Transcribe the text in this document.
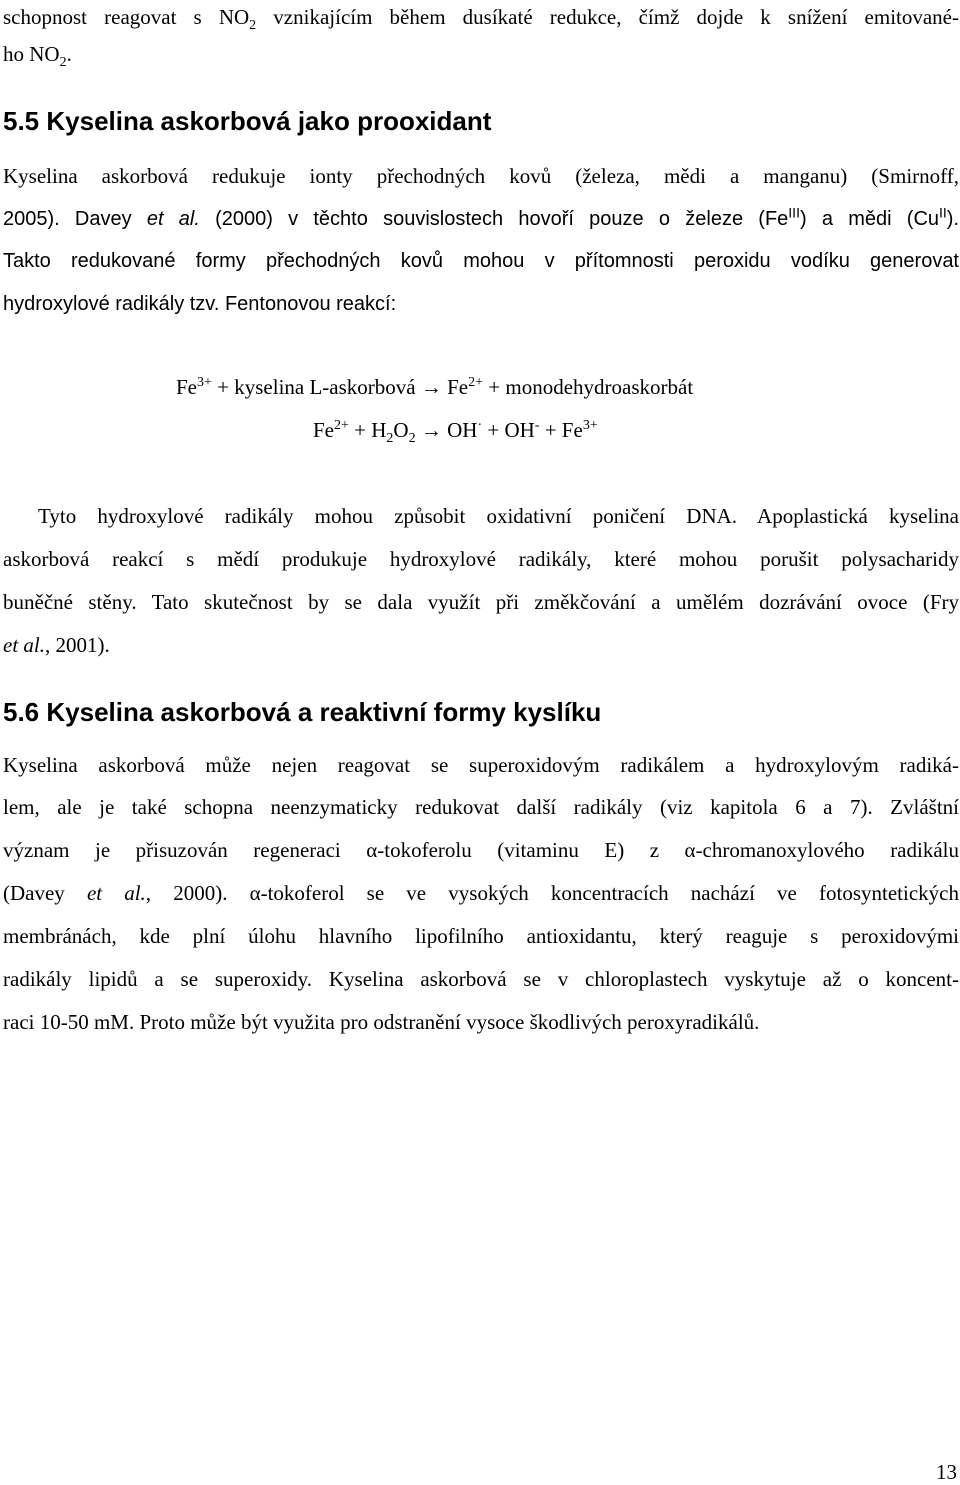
schopnost reagovat s $NO_2$ vznikajícím během dusíkaté redukce, čímž dojde k snížení emitované-
ho $NO_2$.
5.5 Kyselina askorbová jako prooxidant
Kyselina askorbová redukuje ionty přechodných kovů (železa, mědi a manganu) (Smirnoff,
2005). Davey et al. (2000) v těchto souvislostech hovoří pouze o železe $(Fe^{III})$ a mědi $(Cu^{II})$.
Takto redukované formy přechodných kovů mohou v přítomnosti peroxidu vodíku generovat
hydroxylové radikály tzv. Fentonovou reakcí:
$Fe^{3+}$ + kyselina L-askorbová → $Fe^{2+}$ + monodehydroaskorbát
$Fe^{2+} + H_2O_2 \to OH^\cdot + OH^- + Fe^{3+}$
Tyto hydroxylové radikály mohou způsobit oxidativní poničení DNA. Apoplastická kyselina
askorbová reakcí s mědí produkuje hydroxylové radikály, které mohou porušit polysacharidy
buněčné stěny. Tato skutečnost by se dala využít při změkčování a umělém dozrávání ovoce (Fry
et al., 2001).
5.6 Kyselina askorbová a reaktivní formy kyslíku
Kyselina askorbová může nejen reagovat se superoxidovým radikálem a hydroxylovým radiká-
lem, ale je také schopna neenzymaticky redukovat další radikály (viz kapitola 6 a 7). Zvláštní
význam je přisuzován regeneraci α-tokoferolu (vitaminu E) z α-chromanoxylového radikálu
(Davey et al., 2000). α-tokoferol se ve vysokých koncentracích nachází ve fotosyntetických
membránách, kde plní úlohu hlavního lipofilního antioxidantu, který reaguje s peroxidovými
radikály lipidů a se superoxidy. Kyselina askorbová se v chloroplastech vyskytuje až o koncent-
raci 10-50 mM. Proto může být využita pro odstranění vysoce škodlivých peroxyradikálů.
13
